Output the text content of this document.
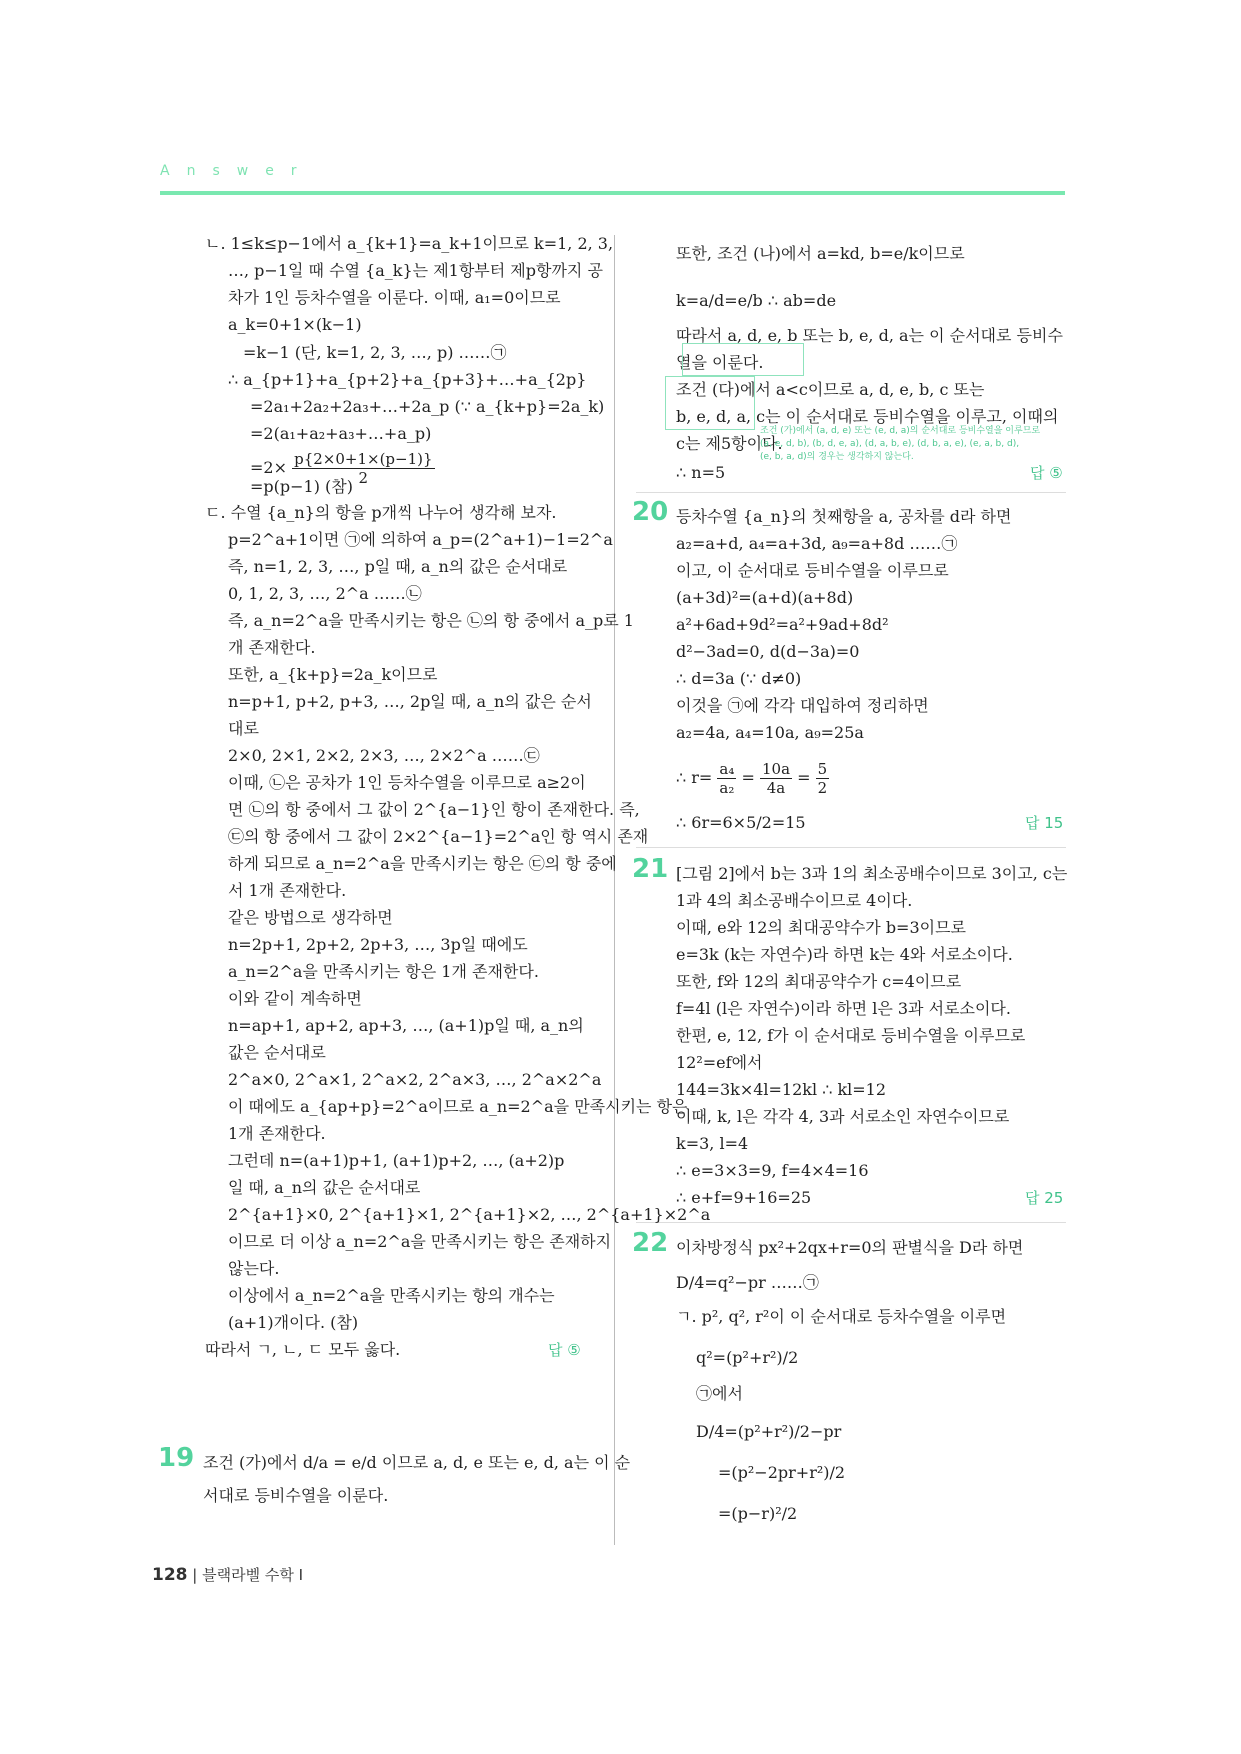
Answer
ㄴ. 1≤k≤p−1에서 a_{k+1}=a_k+1이므로 k=1, 2, 3,
…, p−1일 때 수열 {a_k}는 제1항부터 제p항까지 공
차가 1인 등차수열을 이룬다. 이때, a₁=0이므로
a_k=0+1×(k−1)
=k−1 (단, k=1, 2, 3, …, p) ……㉠
∴ a_{p+1}+a_{p+2}+a_{p+3}+…+a_{2p}
=2a₁+2a₂+2a₃+…+2a_p (∵ a_{k+p}=2a_k)
=2(a₁+a₂+a₃+…+a_p)
=p(p−1) (참)
ㄷ. 수열 {a_n}의 항을 p개씩 나누어 생각해 보자.
p=2^a+1이면 ㉠에 의하여 a_p=(2^a+1)−1=2^a
즉, n=1, 2, 3, …, p일 때, a_n의 값은 순서대로
0, 1, 2, 3, …, 2^a ……㉡
즉, a_n=2^a을 만족시키는 항은 ㉡의 항 중에서 a_p로 1
개 존재한다.
또한, a_{k+p}=2a_k이므로
n=p+1, p+2, p+3, …, 2p일 때, a_n의 값은 순서
대로
2×0, 2×1, 2×2, 2×3, …, 2×2^a ……㉢
이때, ㉡은 공차가 1인 등차수열을 이루므로 a≥2이
면 ㉡의 항 중에서 그 값이 2^{a−1}인 항이 존재한다. 즉,
㉢의 항 중에서 그 값이 2×2^{a−1}=2^a인 항 역시 존재
하게 되므로 a_n=2^a을 만족시키는 항은 ㉢의 항 중에
서 1개 존재한다.
같은 방법으로 생각하면
n=2p+1, 2p+2, 2p+3, …, 3p일 때에도
a_n=2^a을 만족시키는 항은 1개 존재한다.
이와 같이 계속하면
n=ap+1, ap+2, ap+3, …, (a+1)p일 때, a_n의
값은 순서대로
2^a×0, 2^a×1, 2^a×2, 2^a×3, …, 2^a×2^a
이 때에도 a_{ap+p}=2^a이므로 a_n=2^a을 만족시키는 항은
1개 존재한다.
그런데 n=(a+1)p+1, (a+1)p+2, …, (a+2)p
일 때, a_n의 값은 순서대로
2^{a+1}×0, 2^{a+1}×1, 2^{a+1}×2, …, 2^{a+1}×2^a
이므로 더 이상 a_n=2^a을 만족시키는 항은 존재하지
않는다.
이상에서 a_n=2^a을 만족시키는 항의 개수는
(a+1)개이다. (참)
따라서 ㄱ, ㄴ, ㄷ 모두 옳다.
조건 (가)에서 d/a = e/d 이므로 a, d, e 또는 e, d, a는 이 순
서대로 등비수열을 이룬다.
$=2\times \frac{p\{2\times 0+1\times(p-1)\}}{2}$
답 ⑤
19
또한, 조건 (나)에서 a=kd, b=e/k이므로
k=a/d=e/b ∴ ab=de
따라서 a, d, e, b 또는 b, e, d, a는 이 순서대로 등비수
열을 이룬다.
조건 (다)에서 a<c이므로 a, d, e, b, c 또는
b, e, d, a, c는 이 순서대로 등비수열을 이루고, 이때의
c는 제5항이다.
∴ n=5
등차수열 {a_n}의 첫째항을 a, 공차를 d라 하면
a₂=a+d, a₄=a+3d, a₉=a+8d ……㉠
이고, 이 순서대로 등비수열을 이루므로
(a+3d)²=(a+d)(a+8d)
a²+6ad+9d²=a²+9ad+8d²
d²−3ad=0, d(d−3a)=0
∴ d=3a (∵ d≠0)
이것을 ㉠에 각각 대입하여 정리하면
a₂=4a, a₄=10a, a₉=25a
∴ 6r=6×5/2=15
[그림 2]에서 b는 3과 1의 최소공배수이므로 3이고, c는
1과 4의 최소공배수이므로 4이다.
이때, e와 12의 최대공약수가 b=3이므로
e=3k (k는 자연수)라 하면 k는 4와 서로소이다.
또한, f와 12의 최대공약수가 c=4이므로
f=4l (l은 자연수)이라 하면 l은 3과 서로소이다.
한편, e, 12, f가 이 순서대로 등비수열을 이루므로
12²=ef에서
144=3k×4l=12kl ∴ kl=12
이때, k, l은 각각 4, 3과 서로소인 자연수이므로
k=3, l=4
∴ e=3×3=9, f=4×4=16
∴ e+f=9+16=25
이차방정식 px²+2qx+r=0의 판별식을 D라 하면
D/4=q²−pr ……㉠
ㄱ. p², q², r²이 이 순서대로 등차수열을 이루면
q²=(p²+r²)/2
㉠에서
D/4=(p²+r²)/2−pr
=(p²−2pr+r²)/2
=(p−r)²/2
∴ $r= \frac{\text{a₄}}{\text{a₂}} = \frac{10a}{4a} = \frac{5}{2}$
조건 (가)에서 (a, d, e) 또는 (e, d, a)의 순서대로 등비수열을 이루므로
(a, e, d, b), (b, d, e, a), (d, a, b, e), (d, b, a, e), (e, a, b, d),
(e, b, a, d)의 경우는 생각하지 않는다.
답 ⑤
20
답 15
21
답 25
22
128 | 블랙라벨 수학 I
